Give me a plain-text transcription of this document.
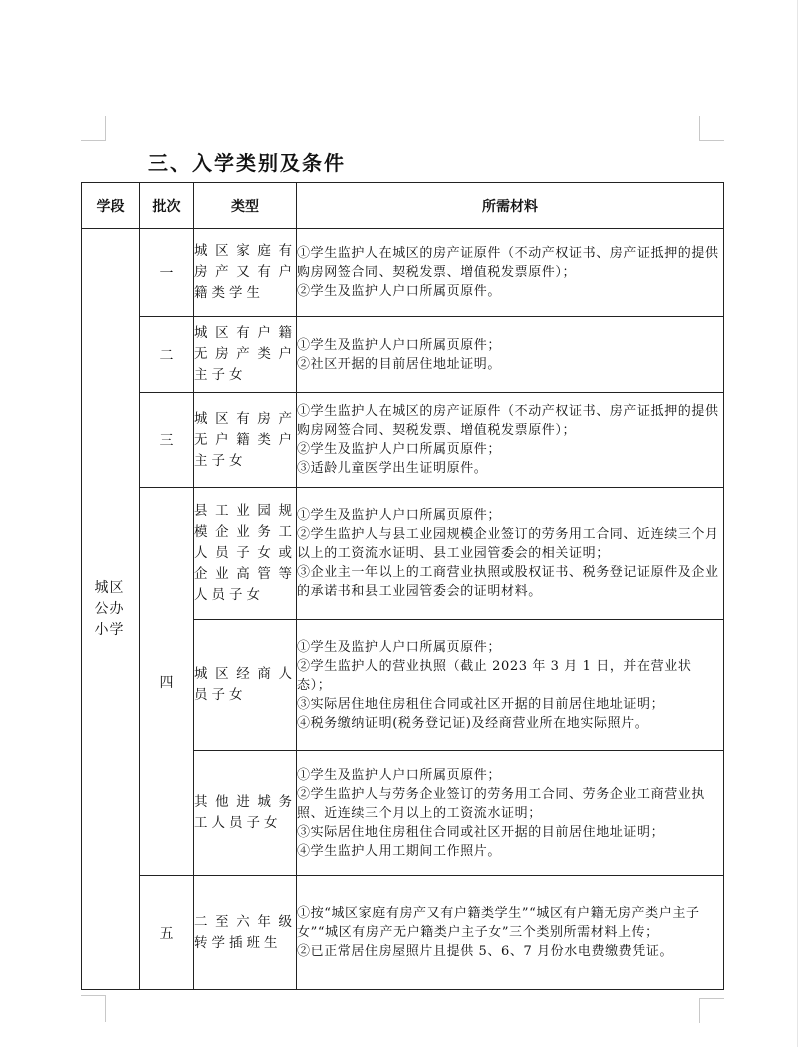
三、入学类别及条件
学段	批次	类型	所需材料
城区公办小学	一	城区家庭有房产又有户籍类学生	①学生监护人在城区的房产证原件（不动产权证书、房产证抵押的提供购房网签合同、契税发票、增值税发票原件）；
②学生及监护人户口所属页原件。

	二	城区有户籍无房产类户主子女	①学生及监护人户口所属页原件；
②社区开据的目前居住地址证明。

	三	城区有房产无户籍类户主子女	①学生监护人在城区的房产证原件（不动产权证书、房产证抵押的提供购房网签合同、契税发票、增值税发票原件）；
②学生及监护人户口所属页原件；
③适龄儿童医学出生证明原件。

	四	县工业园规模企业务工人员子女或企业高管等人员子女	①学生及监护人户口所属页原件；
②学生监护人与县工业园规模企业签订的劳务用工合同、近连续三个月以上的工资流水证明、县工业园管委会的相关证明；
③企业主一年以上的工商营业执照或股权证书、税务登记证原件及企业的承诺书和县工业园管委会的证明材料。

		城区经商人员子女	①学生及监护人户口所属页原件；
②学生监护人的营业执照（截止 2023 年 3 月 1 日，并在营业状态）；
③实际居住地住房租住合同或社区开据的目前居住地址证明；
④税务缴纳证明(税务登记证)及经商营业所在地实际照片。

		其他进城务工人员子女	①学生及监护人户口所属页原件；
②学生监护人与劳务企业签订的劳务用工合同、劳务企业工商营业执照、近连续三个月以上的工资流水证明；
③实际居住地住房租住合同或社区开据的目前居住地址证明；
④学生监护人用工期间工作照片。

	五	二至六年级转学插班生	①按“城区家庭有房产又有户籍类学生”“城区有户籍无房产类户主子女”“城区有房产无户籍类户主子女”三个类别所需材料上传；
②已正常居住房屋照片且提供 5、6、7 月份水电费缴费凭证。
